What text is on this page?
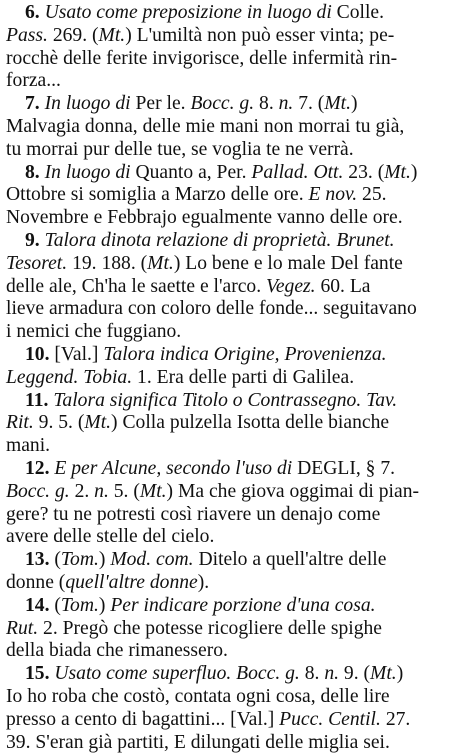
6. Usato come preposizione in luogo di Colle.
Pass. 269. (Mt.) L'umiltà non può esser vinta; pe-
rocchè delle ferite invigorisce, delle infermità rin-
forza...
7. In luogo di Per le. Bocc. g. 8. n. 7. (Mt.)
Malvagia donna, delle mie mani non morrai tu già,
tu morrai pur delle tue, se voglia te ne verrà.
8. In luogo di Quanto a, Per. Pallad. Ott. 23. (Mt.)
Ottobre si somiglia a Marzo delle ore. E nov. 25.
Novembre e Febbrajo egualmente vanno delle ore.
9. Talora dinota relazione di proprietà. Brunet.
Tesoret. 19. 188. (Mt.) Lo bene e lo male Del fante
delle ale, Ch'ha le saette e l'arco. Vegez. 60. La
lieve armadura con coloro delle fonde... seguitavano
i nemici che fuggiano.
10. [Val.] Talora indica Origine, Provenienza.
Leggend. Tobia. 1. Era delle parti di Galilea.
11. Talora significa Titolo o Contrassegno. Tav.
Rit. 9. 5. (Mt.) Colla pulzella Isotta delle bianche
mani.
12. E per Alcune, secondo l'uso di DEGLI, § 7.
Bocc. g. 2. n. 5. (Mt.) Ma che giova oggimai di pian-
gere? tu ne potresti così riavere un denajo come
avere delle stelle del cielo.
13. (Tom.) Mod. com. Ditelo a quell'altre delle
donne (quell'altre donne).
14. (Tom.) Per indicare porzione d'una cosa.
Rut. 2. Pregò che potesse ricogliere delle spighe
della biada che rimanessero.
15. Usato come superfluo. Bocc. g. 8. n. 9. (Mt.)
Io ho roba che costò, contata ogni cosa, delle lire
presso a cento di bagattini... [Val.] Pucc. Centil. 27.
39. S'eran già partiti, E dilungati delle miglia sei.
